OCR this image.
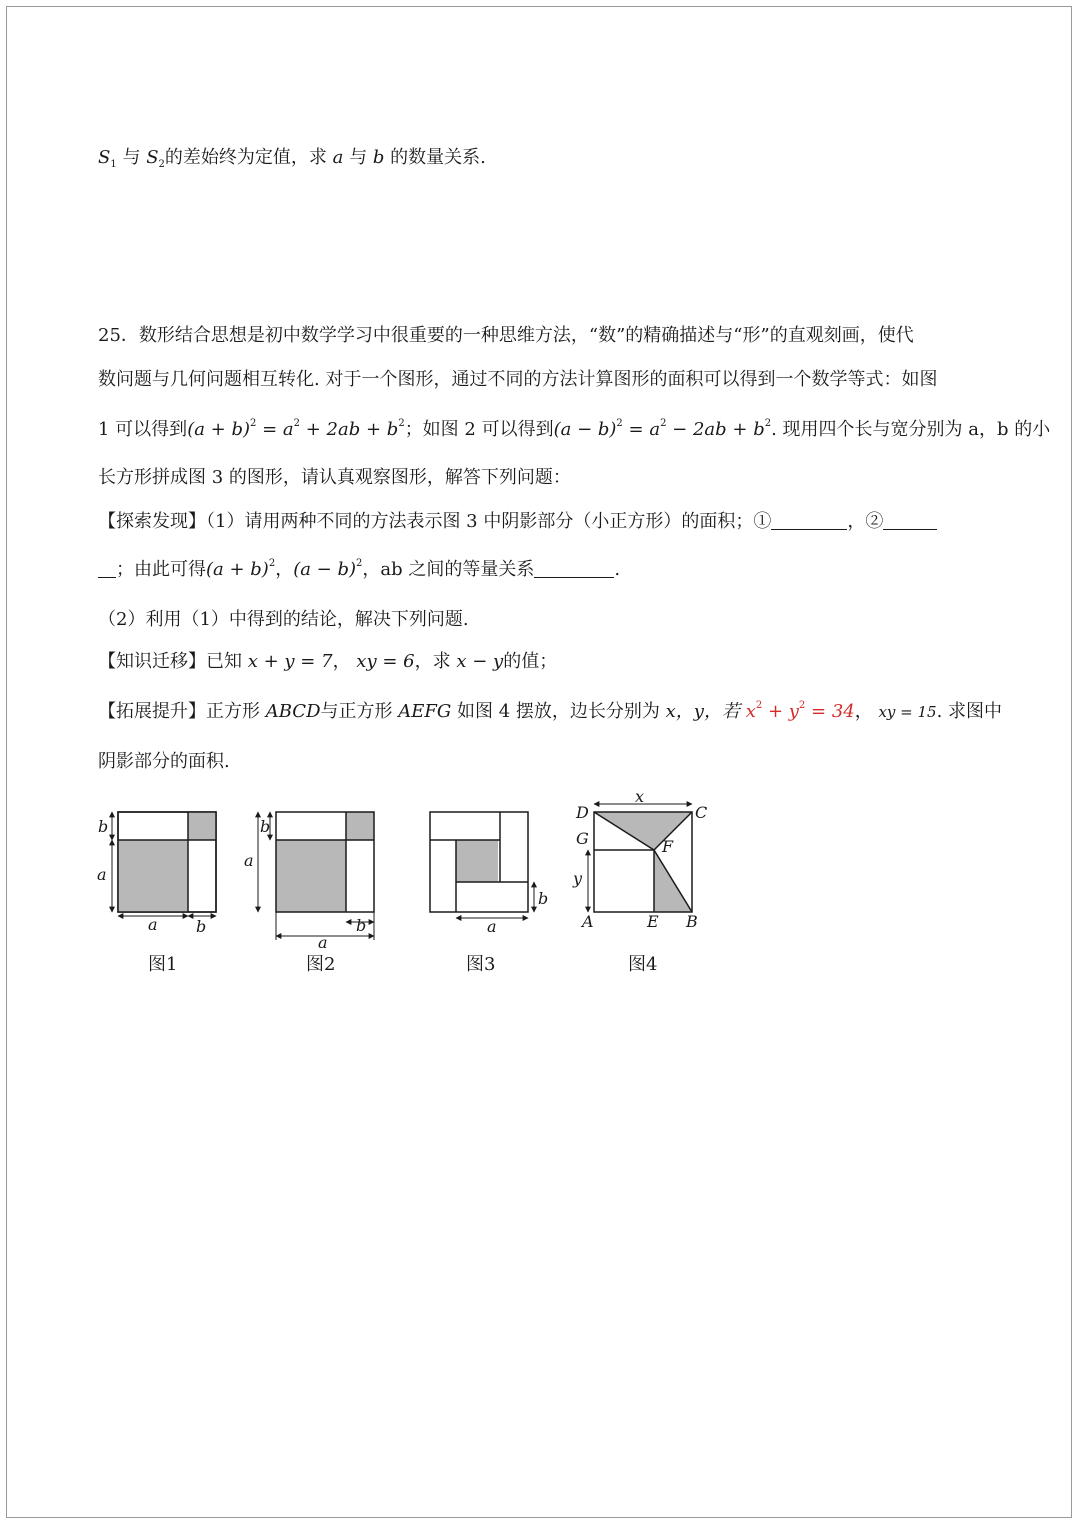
$S_1$ 与 $S_2$的差始终为定值，求 a 与 b 的数量关系.
25．数形结合思想是初中数学学习中很重要的一种思维方法，“数”的精确描述与“形”的直观刻画，使代
数问题与几何问题相互转化. 对于一个图形，通过不同的方法计算图形的面积可以得到一个数学等式：如图
1 可以得到$(a + b)^2 = a^2 + 2ab + b^2$；如图 2 可以得到$(a - b)^2 = a^2 - 2ab + b^2$. 现用四个长与宽分别为 a，b 的小
长方形拼成图 3 的图形，请认真观察图形，解答下列问题：
【探索发现】（1）请用两种不同的方法表示图 3 中阴影部分（小正方形）的面积；①	，②
；由此可得$(a + b)^2$，$(a - b)^2$，ab 之间的等量关系	.
（2）利用（1）中得到的结论，解决下列问题.
【知识迁移】已知 x + y = 7， xy = 6，求 x − y的值；
【拓展提升】正方形 ABCD与正方形 AEFG 如图 4 摆放，边长分别为 x，y，若 $x^2 + y^2 = 34$， xy = 15. 求图中
阴影部分的面积.
b
a
a b
b
a
b
a
b
a
D
x
C
G	F
y
A	E B
图1	图2	图3	图4
